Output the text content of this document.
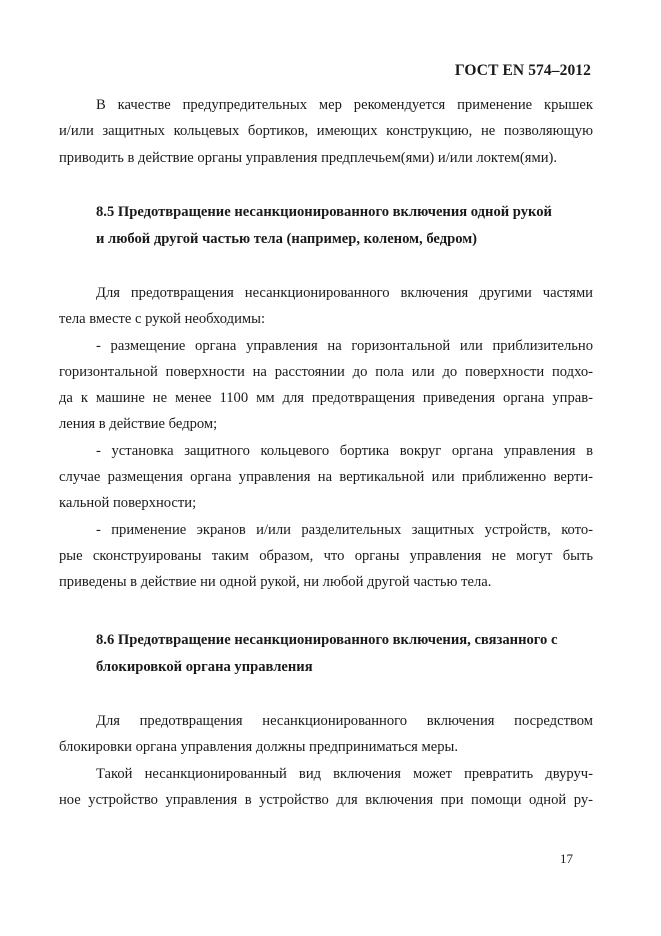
ГОСТ EN 574–2012
В качестве предупредительных мер рекомендуется применение крышек
и/или защитных кольцевых бортиков, имеющих конструкцию, не позволяющую
приводить в действие органы управления предплечьем(ями) и/или локтем(ями).
8.5 Предотвращение несанкционированного включения одной рукой
и любой другой частью тела (например, коленом, бедром)
Для предотвращения несанкционированного включения другими частями
тела вместе с рукой необходимы:
- размещение органа управления на горизонтальной или приблизительно
горизонтальной поверхности на расстоянии до пола или до поверхности подхо-
да к машине не менее 1100 мм для предотвращения приведения органа управ-
ления в действие бедром;
- установка защитного кольцевого бортика вокруг органа управления в
случае размещения органа управления на вертикальной или приближенно верти-
кальной поверхности;
- применение экранов и/или разделительных защитных устройств, кото-
рые сконструированы таким образом, что органы управления не могут быть
приведены в действие ни одной рукой, ни любой другой частью тела.
8.6 Предотвращение несанкционированного включения, связанного с
блокировкой органа управления
Для предотвращения несанкционированного включения посредством
блокировки органа управления должны предприниматься меры.
Такой несанкционированный вид включения может превратить двуруч-
ное устройство управления в устройство для включения при помощи одной ру-
17
